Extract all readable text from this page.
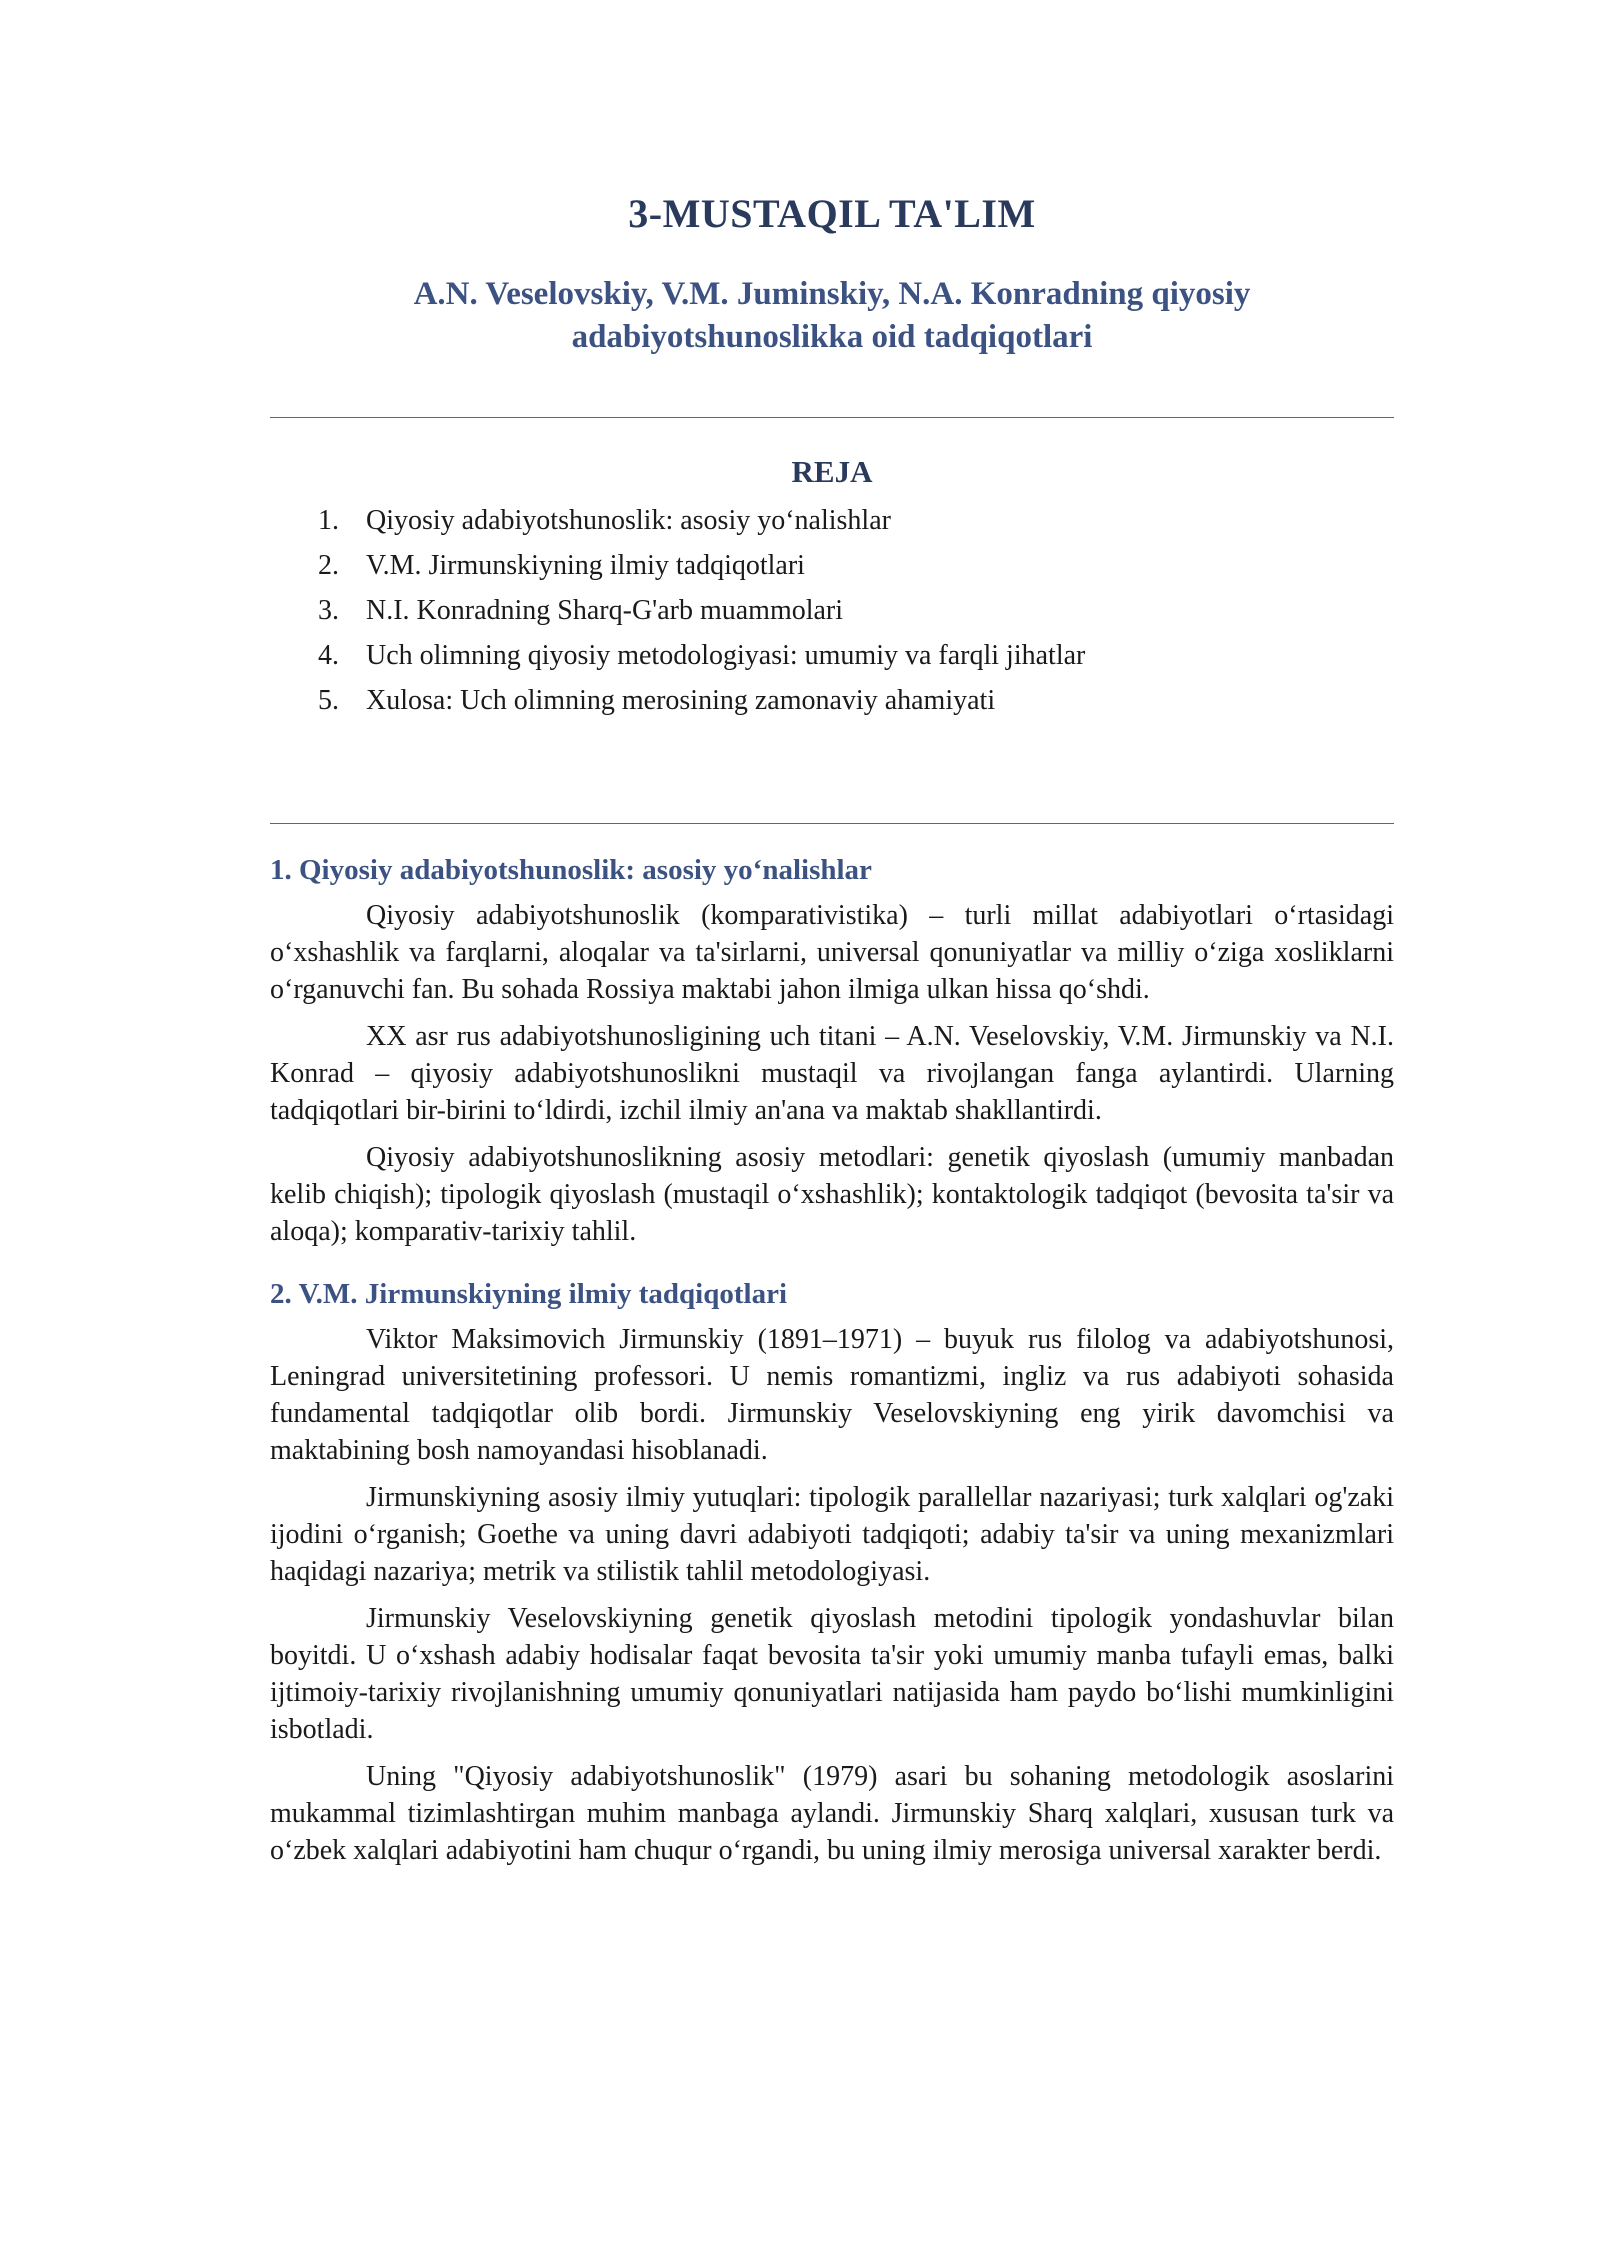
3-MUSTAQIL TA'LIM
A.N. Veselovskiy, V.M. Juminskiy, N.A. Konradning qiyosiy adabiyotshunoslikka oid tadqiqotlari
REJA
1. Qiyosiy adabiyotshunoslik: asosiy yo‘nalishlar
2. V.M. Jirmunskiyning ilmiy tadqiqotlari
3. N.I. Konradning Sharq-G'arb muammolari
4. Uch olimning qiyosiy metodologiyasi: umumiy va farqli jihatlar
5. Xulosa: Uch olimning merosining zamonaviy ahamiyati
1. Qiyosiy adabiyotshunoslik: asosiy yo‘nalishlar

Qiyosiy adabiyotshunoslik (komparativistika) – turli millat adabiyotlari o‘rtasidagi o‘xshashlik va farqlarni, aloqalar va ta'sirlarni, universal qonuniyatlar va milliy o‘ziga xosliklarni o‘rganuvchi fan. Bu sohada Rossiya maktabi jahon ilmiga ulkan hissa qo‘shdi.

XX asr rus adabiyotshunosligining uch titani – A.N. Veselovskiy, V.M. Jirmunskiy va N.I. Konrad – qiyosiy adabiyotshunoslikni mustaqil va rivojlangan fanga aylantirdi. Ularning tadqiqotlari bir-birini to‘ldirdi, izchil ilmiy an'ana va maktab shakllantirdi.

Qiyosiy adabiyotshunoslikning asosiy metodlari: genetik qiyoslash (umumiy manbadan kelib chiqish); tipologik qiyoslash (mustaqil o‘xshashlik); kontaktologik tadqiqot (bevosita ta'sir va aloqa); komparativ-tarixiy tahlil.

2. V.M. Jirmunskiyning ilmiy tadqiqotlari

Viktor Maksimovich Jirmunskiy (1891–1971) – buyuk rus filolog va adabiyotshunosi, Leningrad universitetining professori. U nemis romantizmi, ingliz va rus adabiyoti sohasida fundamental tadqiqotlar olib bordi. Jirmunskiy Veselovskiyning eng yirik davomchisi va maktabining bosh namoyandasi hisoblanadi.

Jirmunskiyning asosiy ilmiy yutuqlari: tipologik parallellar nazariyasi; turk xalqlari og'zaki ijodini o‘rganish; Goethe va uning davri adabiyoti tadqiqoti; adabiy ta'sir va uning mexanizmlari haqidagi nazariya; metrik va stilistik tahlil metodologiyasi.

Jirmunskiy Veselovskiyning genetik qiyoslash metodini tipologik yondashuvlar bilan boyitdi. U o‘xshash adabiy hodisalar faqat bevosita ta'sir yoki umumiy manba tufayli emas, balki ijtimoiy-tarixiy rivojlanishning umumiy qonuniyatlari natijasida ham paydo bo‘lishi mumkinligini isbotladi.

Uning "Qiyosiy adabiyotshunoslik" (1979) asari bu sohaning metodologik asoslarini mukammal tizimlashtirgan muhim manbaga aylandi. Jirmunskiy Sharq xalqlari, xususan turk va o‘zbek xalqlari adabiyotini ham chuqur o‘rgandi, bu uning ilmiy merosiga universal xarakter berdi.
